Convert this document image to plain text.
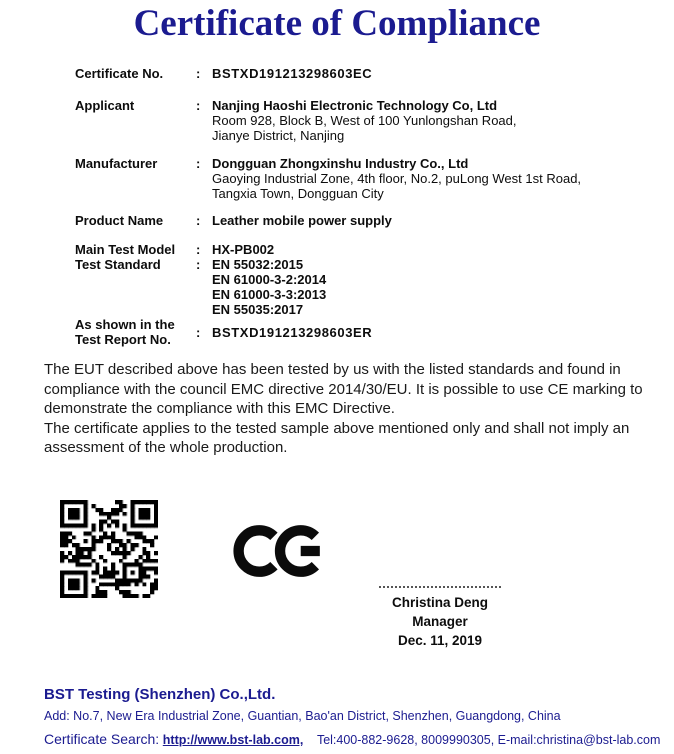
Certificate of Compliance
Certificate No.	: BSTXD191213298603EC
Applicant	: Nanjing Haoshi Electronic Technology Co, Ltd
Room 928, Block B, West of 100 Yunlongshan Road,
Jianye District, Nanjing
Manufacturer	: Dongguan Zhongxinshu Industry Co., Ltd
Gaoying Industrial Zone, 4th floor, No.2, puLong West 1st Road,
Tangxia Town, Dongguan City
Product Name	: Leather mobile power supply
Main Test Model	: HX-PB002
Test Standard	: EN 55032:2015
EN 61000-3-2:2014
EN 61000-3-3:2013
EN 55035:2017
As shown in the
Test Report No.	: BSTXD191213298603ER

The EUT described above has been tested by us with the listed standards and found in compliance with the council EMC directive 2014/30/EU. It is possible to use CE marking to demonstrate the compliance with this EMC Directive.

The certificate applies to the tested sample above mentioned only and shall not imply an assessment of the whole production.

Christina Deng
Manager
Dec. 11, 2019
BST Testing (Shenzhen) Co.,Ltd.
Add: No.7, New Era Industrial Zone, Guantian, Bao'an District, Shenzhen, Guangdong, China
Certificate Search: http://www.bst-lab.com, Tel:400-882-9628, 8009990305, E-mail:christina@bst-lab.com
